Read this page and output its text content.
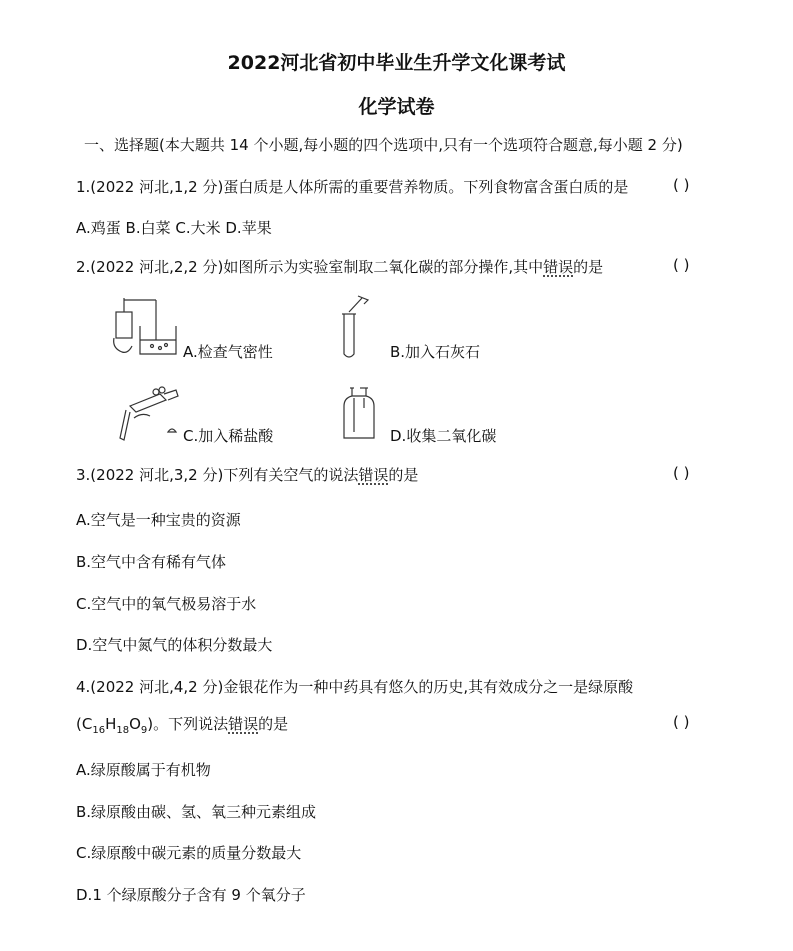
2022河北省初中毕业生升学文化课考试
化学试卷
一、选择题(本大题共 14 个小题,每小题的四个选项中,只有一个选项符合题意,每小题 2 分)
1.(2022 河北,1,2 分)蛋白质是人体所需的重要营养物质。下列食物富含蛋白质的是	( )
A.鸡蛋 B.白菜 C.大米 D.苹果
2.(2022 河北,2,2 分)如图所示为实验室制取二氧化碳的部分操作,其中错误的是	( )
A.检查气密性	B.加入石灰石
C.加入稀盐酸	D.收集二氧化碳
3.(2022 河北,3,2 分)下列有关空气的说法错误的是	( )
A.空气是一种宝贵的资源
B.空气中含有稀有气体
C.空气中的氧气极易溶于水
D.空气中氮气的体积分数最大
4.(2022 河北,4,2 分)金银花作为一种中药具有悠久的历史,其有效成分之一是绿原酸
$(C_{16}H_{18}O_9)$。下列说法错误的是	( )
A.绿原酸属于有机物
B.绿原酸由碳、氢、氧三种元素组成
C.绿原酸中碳元素的质量分数最大
D.1 个绿原酸分子含有 9 个氧分子
